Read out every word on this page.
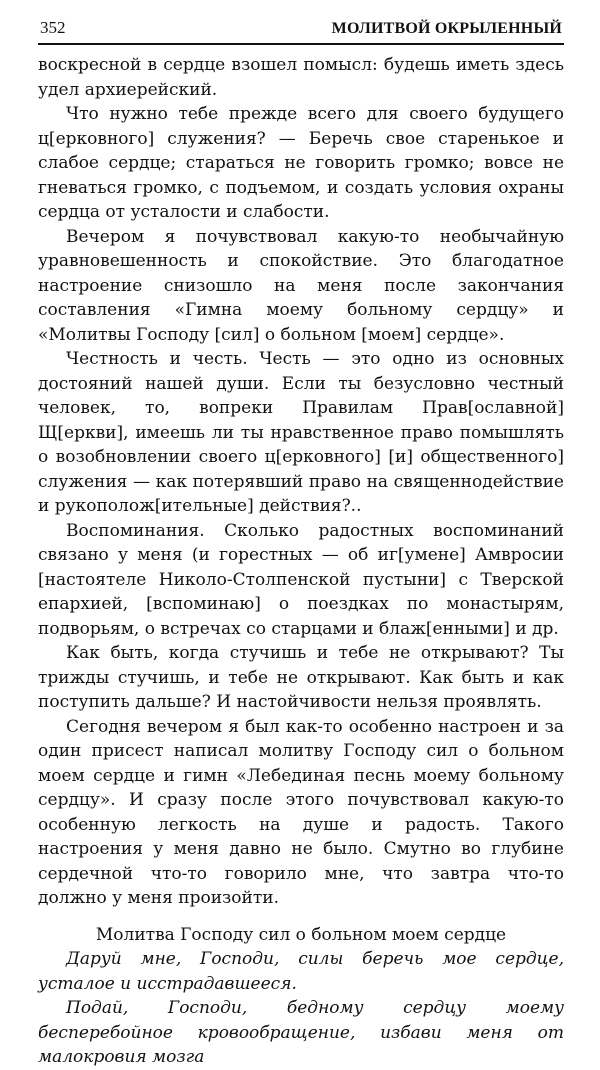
352	МОЛИТВОЙ ОКРЫЛЕННЫЙ

воскресной в сердце взошел помысл: будешь иметь здесь удел архиерейский.

Что нужно тебе прежде всего для своего будущего ц[ерковного] служения? — Беречь свое старенькое и слабое сердце; стараться не говорить громко; вовсе не гневаться громко, с подъемом, и создать условия охраны сердца от усталости и слабости.

Вечером я почувствовал какую-то необычайную уравновешенность и спокойствие. Это благодатное настроение снизошло на меня после закончания составления «Гимна моему больному сердцу» и «Молитвы Господу [сил] о больном [моем] сердце».

Честность и честь. Честь — это одно из основных достояний нашей души. Если ты безусловно честный человек, то, вопреки Правилам Прав[ославной] Щ[еркви], имеешь ли ты нравственное право помышлять о возобновлении своего ц[ерковного] [и] общественного] служения — как потерявший право на священнодействие и рукополож[ительные] действия?..

Воспоминания. Сколько радостных воспоминаний связано у меня (и горестных — об иг[умене] Амвросии [настоятеле Николо-Столпенской пустыни] с Тверской епархией, [вспоминаю] о поездках по монастырям, подворьям, о встречах со старцами и блаж[енными] и др.

Как быть, когда стучишь и тебе не открывают? Ты трижды стучишь, и тебе не открывают. Как быть и как поступить дальше? И настойчивости нельзя проявлять.

Сегодня вечером я был как-то особенно настроен и за один присест написал молитву Господу сил о больном моем сердце и гимн «Лебединая песнь моему больному сердцу». И сразу после этого почувствовал какую-то особенную легкость на душе и радость. Такого настроения у меня давно не было. Смутно во глубине сердечной что-то говорило мне, что завтра что-то должно у меня произойти.

Молитва Господу сил о больном моем сердце

Даруй мне, Господи, силы беречь мое сердце, усталое и исстрадавшееся.

Подай, Господи, бедному сердцу моему бесперебойное кровообращение, избави меня от малокровия мозга
